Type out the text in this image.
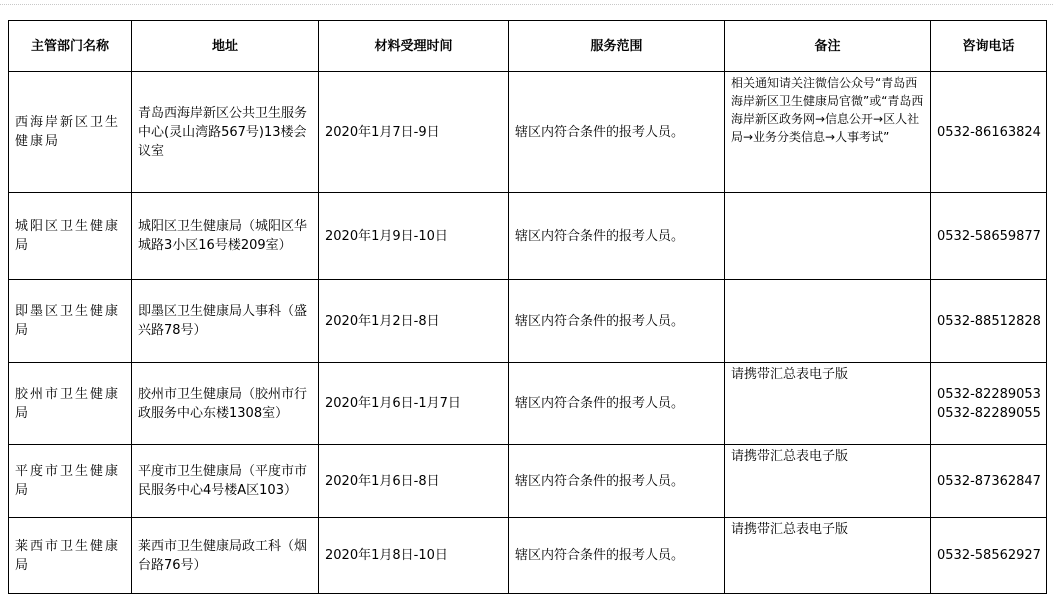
主管部门名称	地址	材料受理时间	服务范围	备注	咨询电话
西海岸新区卫生健康局	青岛西海岸新区公共卫生服务中心(灵山湾路567号)13楼会议室	2020年1月7日-9日	辖区内符合条件的报考人员。	相关通知请关注微信公众号“青岛西海岸新区卫生健康局官微”或“青岛西海岸新区政务网→信息公开→区人社局→业务分类信息→人事考试”	0532-86163824

城阳区卫生健康局	城阳区卫生健康局（城阳区华城路3小区16号楼209室）	2020年1月9日-10日	辖区内符合条件的报考人员。		0532-58659877

即墨区卫生健康局	即墨区卫生健康局人事科（盛兴路78号）	2020年1月2日-8日	辖区内符合条件的报考人员。		0532-88512828

胶州市卫生健康局	胶州市卫生健康局（胶州市行政服务中心东楼1308室）	2020年1月6日-1月7日	辖区内符合条件的报考人员。	请携带汇总表电子版	0532-82289053
0532-82289055

平度市卫生健康局	平度市卫生健康局（平度市市民服务中心4号楼A区103）	2020年1月6日-8日	辖区内符合条件的报考人员。	请携带汇总表电子版	0532-87362847

莱西市卫生健康局	莱西市卫生健康局政工科（烟台路76号）	2020年1月8日-10日	辖区内符合条件的报考人员。	请携带汇总表电子版	0532-58562927
